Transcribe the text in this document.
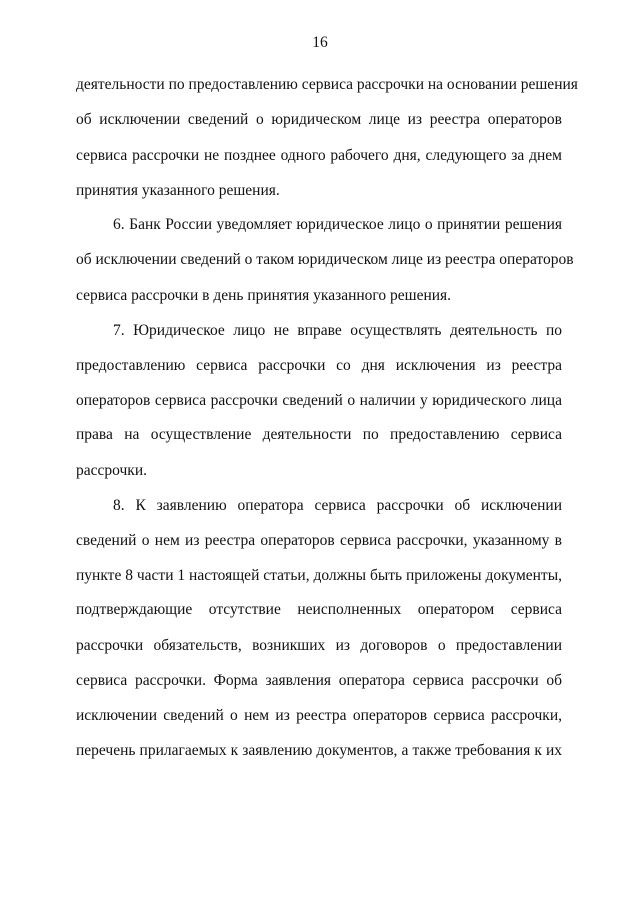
16
деятельности по предоставлению сервиса рассрочки на основании решения
об исключении сведений о юридическом лице из реестра операторов
сервиса рассрочки не позднее одного рабочего дня, следующего за днем
принятия указанного решения.
6. Банк России уведомляет юридическое лицо о принятии решения
об исключении сведений о таком юридическом лице из реестра операторов
сервиса рассрочки в день принятия указанного решения.
7. Юридическое лицо не вправе осуществлять деятельность по
предоставлению сервиса рассрочки со дня исключения из реестра
операторов сервиса рассрочки сведений о наличии у юридического лица
права на осуществление деятельности по предоставлению сервиса
рассрочки.
8. К заявлению оператора сервиса рассрочки об исключении
сведений о нем из реестра операторов сервиса рассрочки, указанному в
пункте 8 части 1 настоящей статьи, должны быть приложены документы,
подтверждающие отсутствие неисполненных оператором сервиса
рассрочки обязательств, возникших из договоров о предоставлении
сервиса рассрочки. Форма заявления оператора сервиса рассрочки об
исключении сведений о нем из реестра операторов сервиса рассрочки,
перечень прилагаемых к заявлению документов, а также требования к их
